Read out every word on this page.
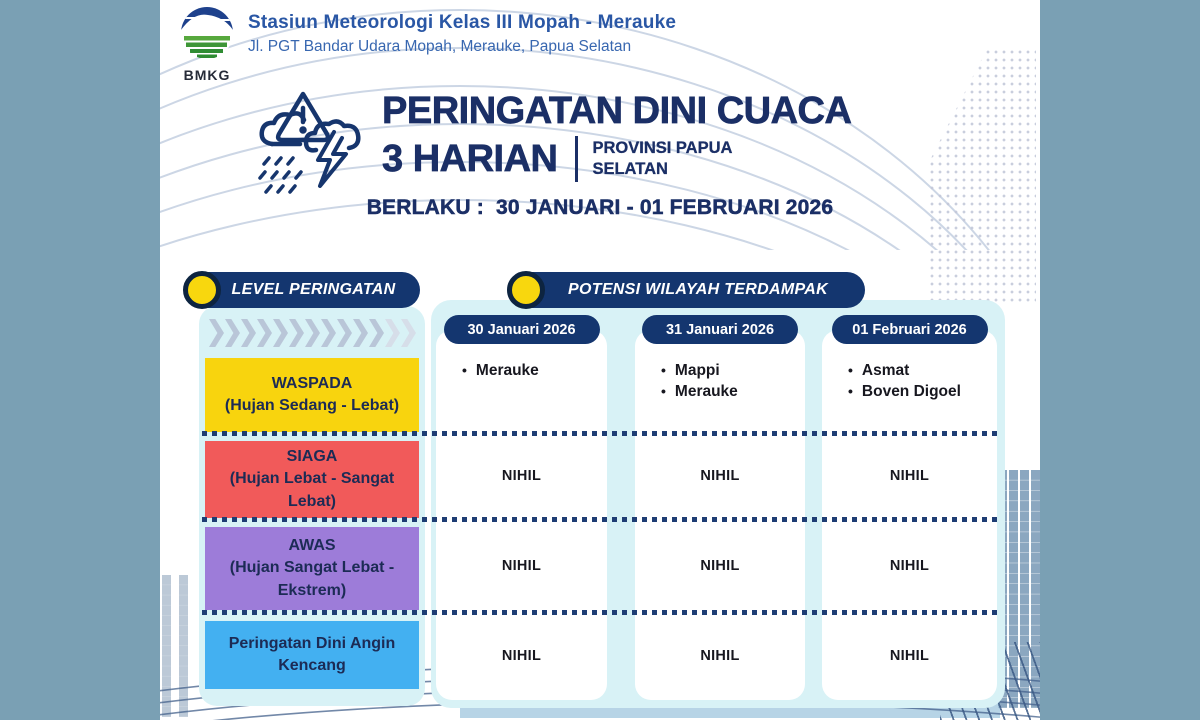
BMKG
Stasiun Meteorologi Kelas III Mopah - Merauke
Jl. PGT Bandar Udara Mopah, Merauke, Papua Selatan
PERINGATAN DINI CUACA
3 HARIAN PROVINSI PAPUA
SELATAN
BERLAKU :  30 JANUARI - 01 FEBRUARI 2026
LEVEL PERINGATAN	POTENSI WILAYAH TERDAMPAK
WASPADA
(Hujan Sedang - Lebat)
SIAGA
(Hujan Lebat - Sangat Lebat)
AWAS
(Hujan Sangat Lebat - Ekstrem)
Peringatan Dini Angin Kencang
30 Januari 2026
• Merauke
NIHIL
NIHIL
NIHIL
31 Januari 2026
• Mappi
• Merauke
NIHIL
NIHIL
NIHIL
01 Februari 2026
• Asmat
• Boven Digoel
NIHIL
NIHIL
NIHIL
